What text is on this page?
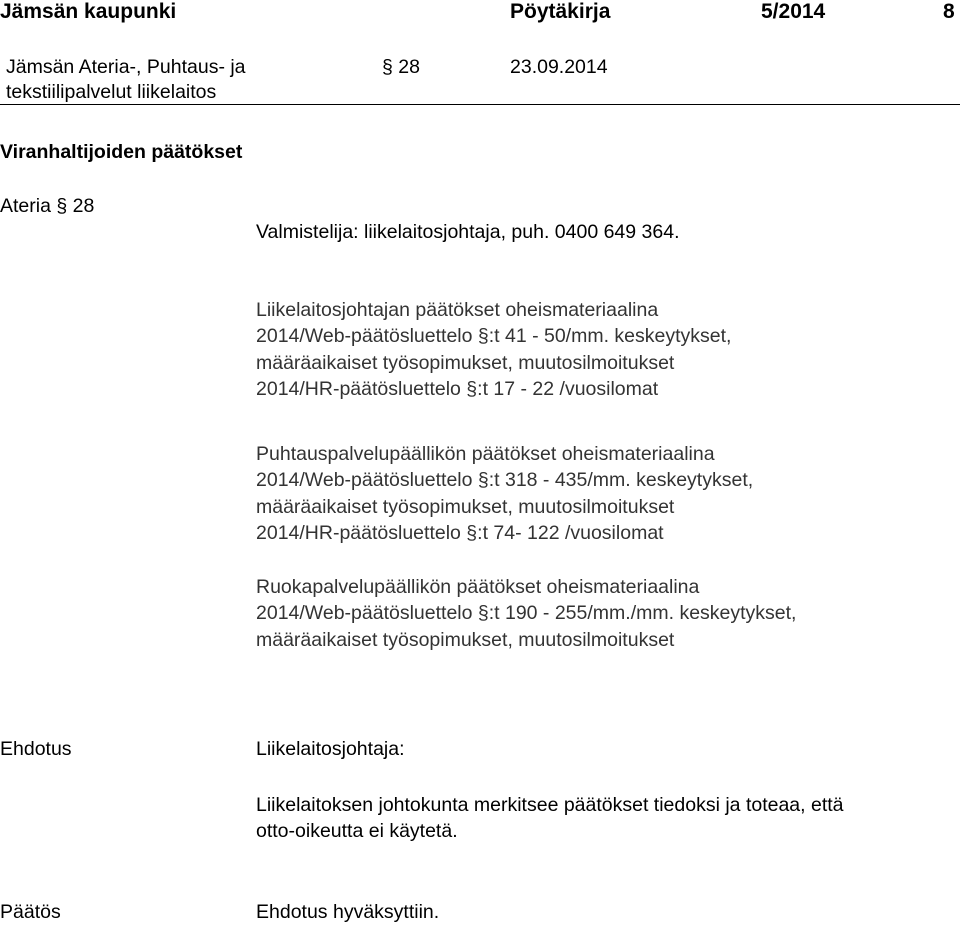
Jämsän kaupunki	Pöytäkirja	5/2014	8
Jämsän Ateria-, Puhtaus- ja
tekstiilipalvelut liikelaitos
§ 28	23.09.2014
Viranhaltijoiden päätökset
Ateria § 28
Valmistelija: liikelaitosjohtaja, puh. 0400 649 364.
Liikelaitosjohtajan päätökset oheismateriaalina
2014/Web-päätösluettelo §:t 41 - 50/mm. keskeytykset,
määräaikaiset työsopimukset, muutosilmoitukset
2014/HR-päätösluettelo §:t 17 - 22 /vuosilomat
Puhtauspalvelupäällikön päätökset oheismateriaalina
2014/Web-päätösluettelo §:t 318 - 435/mm. keskeytykset,
määräaikaiset työsopimukset, muutosilmoitukset
2014/HR-päätösluettelo §:t 74- 122 /vuosilomat
Ruokapalvelupäällikön päätökset oheismateriaalina
2014/Web-päätösluettelo §:t 190 - 255/mm./mm. keskeytykset,
määräaikaiset työsopimukset, muutosilmoitukset
Ehdotus	Liikelaitosjohtaja:
Liikelaitoksen johtokunta merkitsee päätökset tiedoksi ja toteaa, että
otto-oikeutta ei käytetä.
Päätös	Ehdotus hyväksyttiin.
